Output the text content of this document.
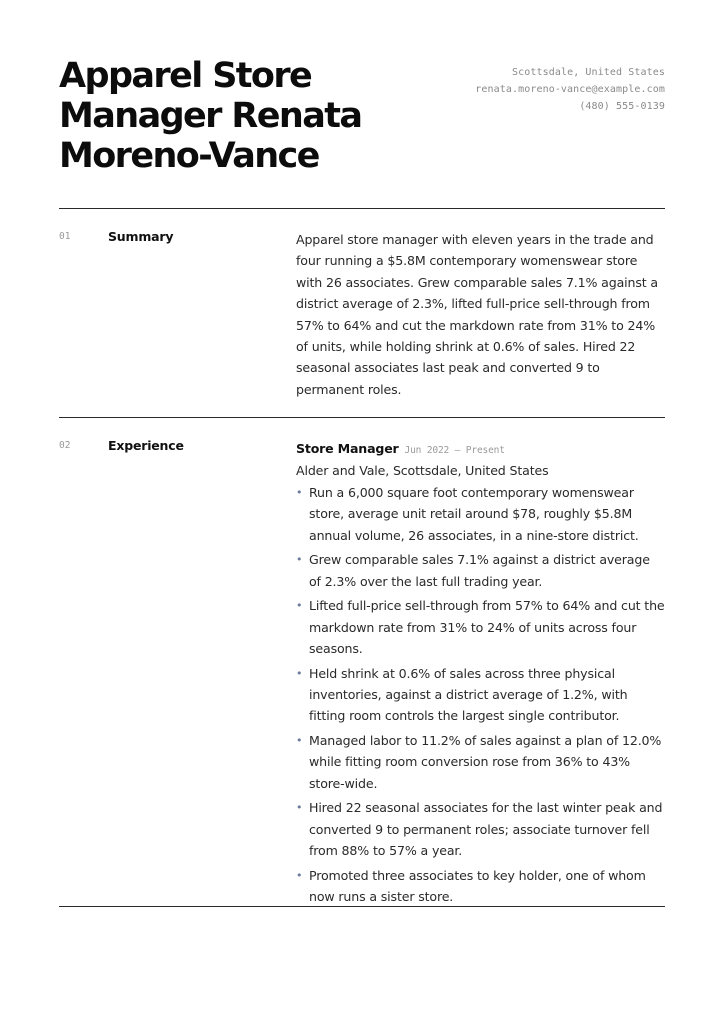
Apparel Store Manager Renata Moreno-Vance
Scottsdale, United States
renata.moreno-vance@example.com
(480) 555-0139
01	Summary	Apparel store manager with eleven years in the trade and four running a $5.8M contemporary womenswear store with 26 associates. Grew comparable sales 7.1% against a district average of 2.3%, lifted full-price sell-through from 57% to 64% and cut the markdown rate from 31% to 24% of units, while holding shrink at 0.6% of sales. Hired 22 seasonal associates last peak and converted 9 to permanent roles.

02	Experience	Store Manager Jun 2022 — Present
Alder and Vale, Scottsdale, United States
• Run a 6,000 square foot contemporary womenswear store, average unit retail around $78, roughly $5.8M annual volume, 26 associates, in a nine-store district.
• Grew comparable sales 7.1% against a district average of 2.3% over the last full trading year.
• Lifted full-price sell-through from 57% to 64% and cut the markdown rate from 31% to 24% of units across four seasons.
• Held shrink at 0.6% of sales across three physical inventories, against a district average of 1.2%, with fitting room controls the largest single contributor.
• Managed labor to 11.2% of sales against a plan of 12.0% while fitting room conversion rose from 36% to 43% store-wide.
• Hired 22 seasonal associates for the last winter peak and converted 9 to permanent roles; associate turnover fell from 88% to 57% a year.
• Promoted three associates to key holder, one of whom now runs a sister store.
